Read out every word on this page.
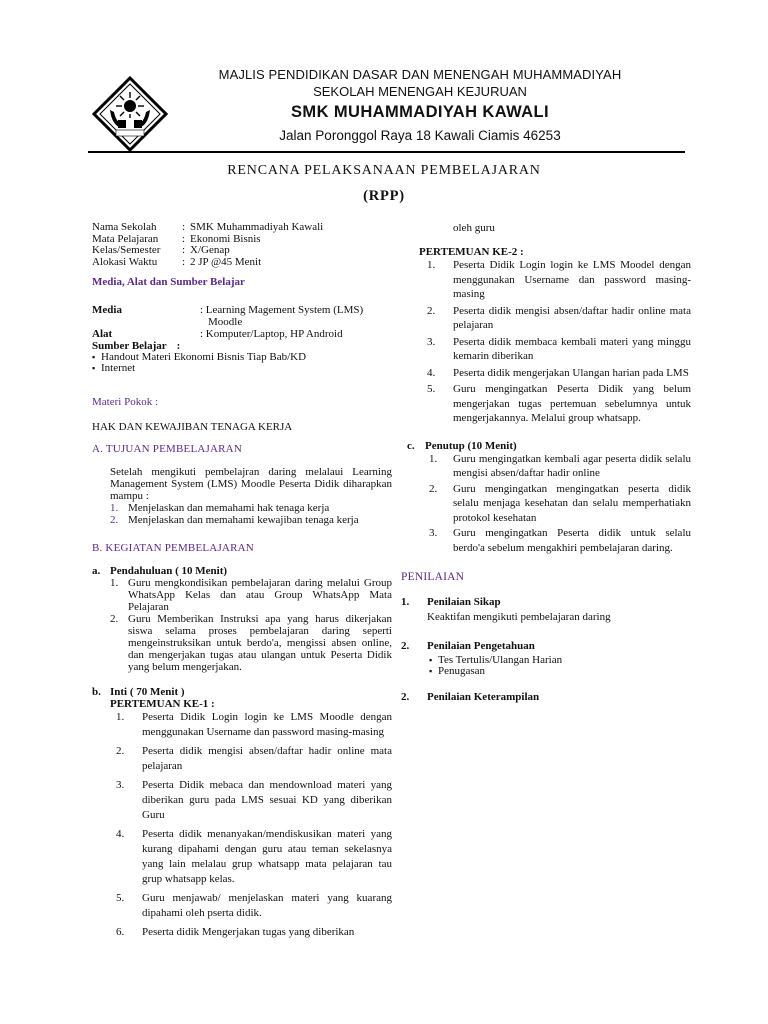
MAJLIS PENDIDIKAN DASAR DAN MENENGAH MUHAMMADIYAH
SEKOLAH MENENGAH KEJURUAN
SMK MUHAMMADIYAH KAWALI
Jalan Poronggol Raya 18 Kawali Ciamis 46253
RENCANA PELAKSANAAN PEMBELAJARAN
(RPP)
Nama Sekolah	: SMK Muhammadiyah Kawali
Mata Pelajaran	: Ekonomi Bisnis
Kelas/Semester	: X/Genap
Alokasi Waktu	: 2 JP @45 Menit
Media, Alat dan Sumber Belajar
Media	: Learning Magement System (LMS)
Moodle
Alat	: Komputer/Laptop, HP Android
Sumber Belajar :
▪ Handout Materi Ekonomi Bisnis Tiap Bab/KD
▪ Internet
Materi Pokok :
HAK DAN KEWAJIBAN TENAGA KERJA
A. TUJUAN PEMBELAJARAN
Setelah mengikuti pembelajran daring melalaui Learning Management System (LMS) Moodle Peserta Didik diharapkan mampu :
1. Menjelaskan dan memahami hak tenaga kerja
2. Menjelaskan dan memahami kewajiban tenaga kerja
B. KEGIATAN PEMBELAJARAN
a. Pendahuluan ( 10 Menit)
1. Guru mengkondisikan pembelajaran daring melalui Group WhatsApp Kelas dan atau Group WhatsApp Mata Pelajaran
2. Guru Memberikan Instruksi apa yang harus dikerjakan siswa selama proses pembelajaran daring seperti mengeinstruksikan untuk berdo'a, mengissi absen online, dan mengerjakan tugas atau ulangan untuk Peserta Didik yang belum mengerjakan.
b. Inti ( 70 Menit )
PERTEMUAN KE-1 :
1.	Peserta Didik Login login ke LMS Moodle dengan menggunakan Username dan password masing-masing
2.	Peserta didik mengisi absen/daftar hadir online mata pelajaran
3.	Peserta Didik mebaca dan mendownload materi yang diberikan guru pada LMS sesuai KD yang diberikan Guru
4.	Peserta didik menanyakan/mendiskusikan materi yang kurang dipahami dengan guru atau teman sekelasnya yang lain melalau grup whatsapp mata pelajaran tau grup whatsapp kelas.
5.	Guru menjawab/ menjelaskan materi yang kuarang dipahami oleh pserta didik.
6.	Peserta didik Mengerjakan tugas yang diberikan
oleh guru
PERTEMUAN KE-2 :
1.	Peserta Didik Login login ke LMS Moodel dengan menggunakan Username dan password masing-masing
2.	Peserta didik mengisi absen/daftar hadir online mata pelajaran
3.	Peserta didik membaca kembali materi yang minggu kemarin diberikan
4.	Peserta didik mengerjakan Ulangan harian pada LMS
5.	Guru mengingatkan Peserta Didik yang belum mengerjakan tugas pertemuan sebelumnya untuk mengerjakannya. Melalui group whatsapp.
c. Penutup (10 Menit)
1.	Guru mengingatkan kembali agar peserta didik selalu mengisi absen/daftar hadir online
2.	Guru mengingatkan mengingatkan peserta didik selalu menjaga kesehatan dan selalu memperhatiakn protokol kesehatan
3.	Guru mengingatkan Peserta didik untuk selalu berdo'a sebelum mengakhiri pembelajaran daring.
PENILAIAN
1.	Penilaian Sikap
Keaktifan mengikuti pembelajaran daring
2.	Penilaian Pengetahuan
▪ Tes Tertulis/Ulangan Harian
▪ Penugasan
2.	Penilaian Keterampilan
